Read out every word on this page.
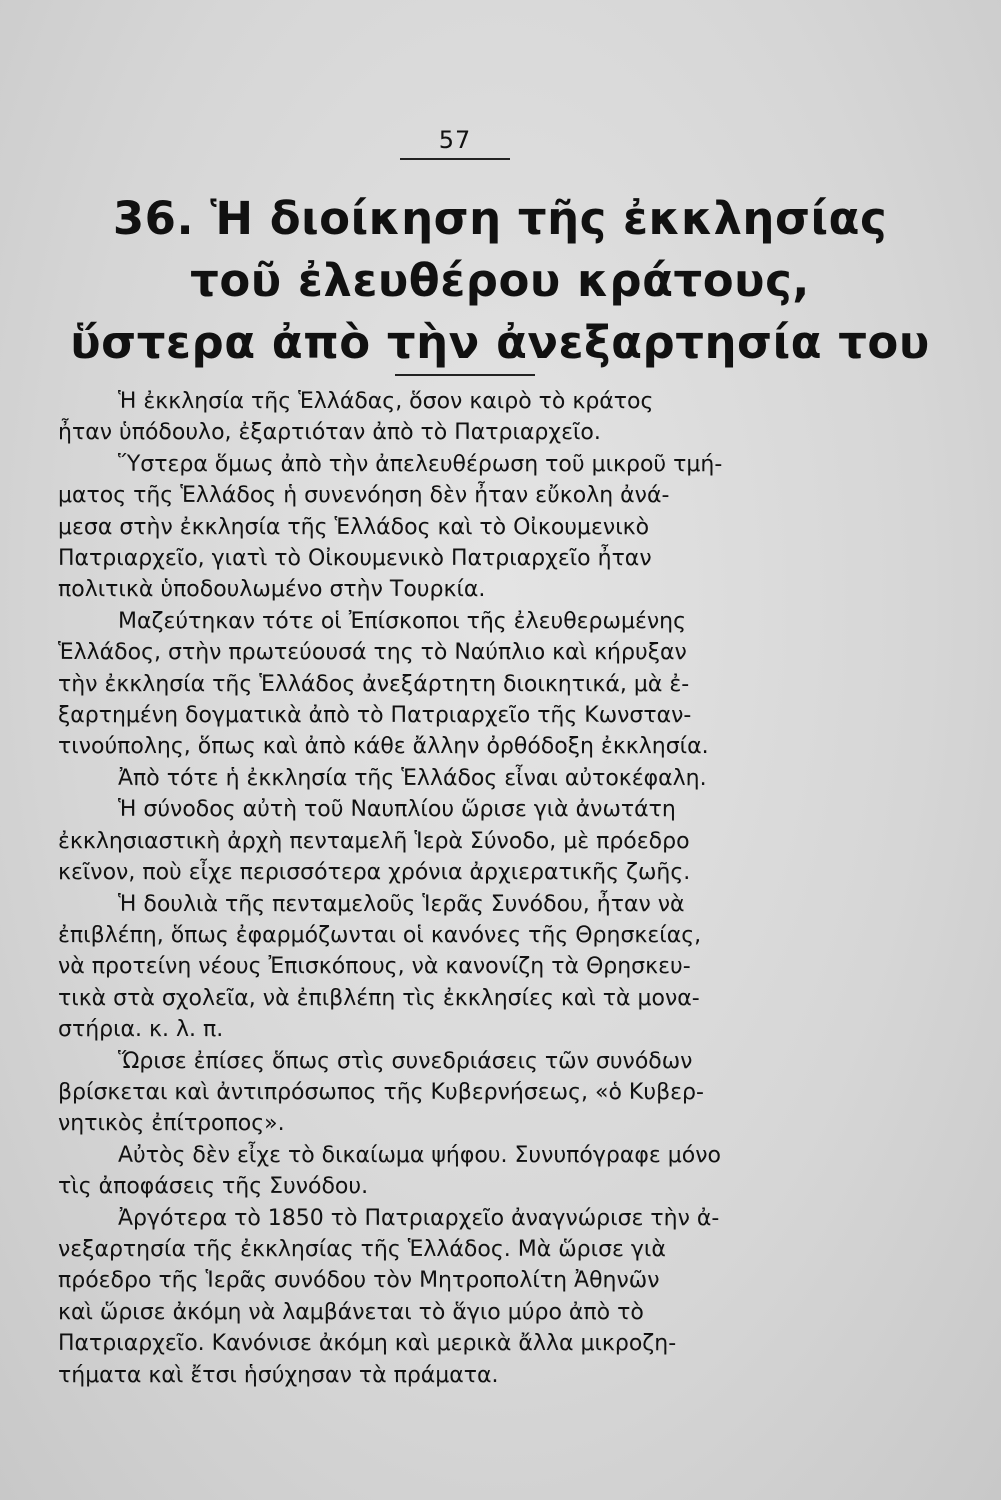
57
36. Ἡ διοίκηση τῆς ἐκκλησίας
τοῦ ἐλευθέρου κράτους,
ὕστερα ἀπὸ τὴν ἀνεξαρτησία του
Ἡ ἐκκλησία τῆς Ἑλλάδας, ὅσον καιρὸ τὸ κράτος
ἦταν ὑπόδουλο, ἐξαρτιόταν ἀπὸ τὸ Πατριαρχεῖο.
Ὕστερα ὅμως ἀπὸ τὴν ἀπελευθέρωση τοῦ μικροῦ τμή-
ματος τῆς Ἑλλάδος ἡ συνενόηση δὲν ἦταν εὔκολη ἀνά-
μεσα στὴν ἐκκλησία τῆς Ἑλλάδος καὶ τὸ Οἰκουμενικὸ
Πατριαρχεῖο, γιατὶ τὸ Οἰκουμενικὸ Πατριαρχεῖο ἦταν
πολιτικὰ ὑποδουλωμένο στὴν Τουρκία.
Μαζεύτηκαν τότε οἱ Ἐπίσκοποι τῆς ἐλευθερωμένης
Ἑλλάδος, στὴν πρωτεύουσά της τὸ Ναύπλιο καὶ κήρυξαν
τὴν ἐκκλησία τῆς Ἑλλάδος ἀνεξάρτητη διοικητικά, μὰ ἐ-
ξαρτημένη δογματικὰ ἀπὸ τὸ Πατριαρχεῖο τῆς Κωνσταν-
τινούπολης, ὅπως καὶ ἀπὸ κάθε ἄλλην ὀρθόδοξη ἐκκλησία.
Ἀπὸ τότε ἡ ἐκκλησία τῆς Ἑλλάδος εἶναι αὐτοκέφαλη.
Ἡ σύνοδος αὐτὴ τοῦ Ναυπλίου ὥρισε γιὰ ἀνωτάτη
ἐκκλησιαστικὴ ἀρχὴ πενταμελῆ Ἱερὰ Σύνοδο, μὲ πρόεδρο
κεῖνον, ποὺ εἶχε περισσότερα χρόνια ἀρχιερατικῆς ζωῆς.
Ἡ δουλιὰ τῆς πενταμελοῦς Ἱερᾶς Συνόδου, ἦταν νὰ
ἐπιβλέπη, ὅπως ἐφαρμόζωνται οἱ κανόνες τῆς Θρησκείας,
νὰ προτείνη νέους Ἐπισκόπους, νὰ κανονίζη τὰ Θρησκευ-
τικὰ στὰ σχολεῖα, νὰ ἐπιβλέπη τὶς ἐκκλησίες καὶ τὰ μονα-
στήρια. κ. λ. π.
Ὥρισε ἐπίσες ὅπως στὶς συνεδριάσεις τῶν συνόδων
βρίσκεται καὶ ἀντιπρόσωπος τῆς Κυβερνήσεως, «ὁ Κυβερ-
νητικὸς ἐπίτροπος».
Αὐτὸς δὲν εἶχε τὸ δικαίωμα ψήφου. Συνυπόγραφε μόνο
τὶς ἀποφάσεις τῆς Συνόδου.
Ἀργότερα τὸ 1850 τὸ Πατριαρχεῖο ἀναγνώρισε τὴν ἀ-
νεξαρτησία τῆς ἐκκλησίας τῆς Ἑλλάδος. Μὰ ὥρισε γιὰ
πρόεδρο τῆς Ἱερᾶς συνόδου τὸν Μητροπολίτη Ἀθηνῶν
καὶ ὥρισε ἀκόμη νὰ λαμβάνεται τὸ ἅγιο μύρο ἀπὸ τὸ
Πατριαρχεῖο. Κανόνισε ἀκόμη καὶ μερικὰ ἄλλα μικροζη-
τήματα καὶ ἔτσι ἡσύχησαν τὰ πράματα.
